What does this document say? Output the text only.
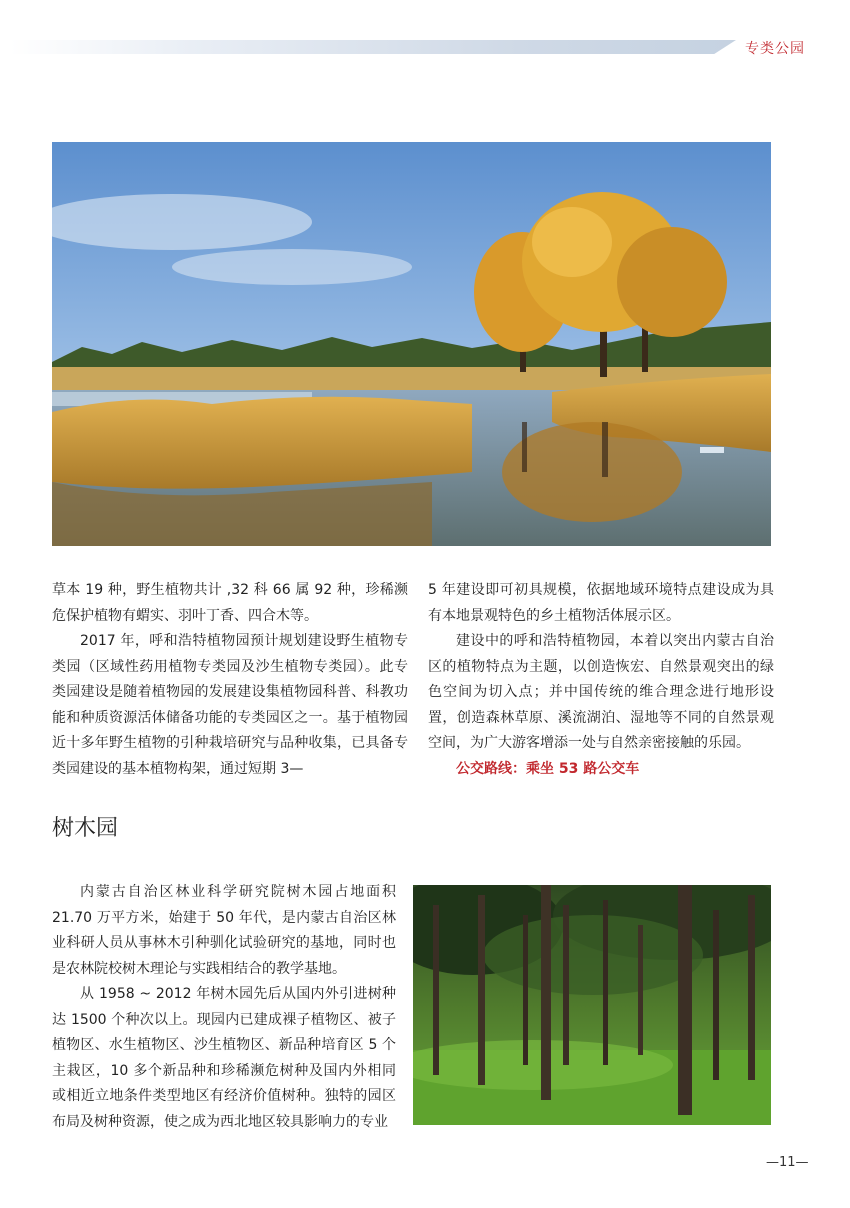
专类公园

草本 19 种，野生植物共计 ,32 科 66 属 92 种，珍稀濒危保护植物有蝟实、羽叶丁香、四合木等。

2017 年，呼和浩特植物园预计规划建设野生植物专类园（区域性药用植物专类园及沙生植物专类园）。此专类园建设是随着植物园的发展建设集植物园科普、科教功能和种质资源活体储备功能的专类园区之一。基于植物园近十多年野生植物的引种栽培研究与品种收集，已具备专类园建设的基本植物构架，通过短期 3—

5 年建设即可初具规模，依据地域环境特点建设成为具有本地景观特色的乡土植物活体展示区。

建设中的呼和浩特植物园，本着以突出内蒙古自治区的植物特点为主题，以创造恢宏、自然景观突出的绿色空间为切入点；并中国传统的维合理念进行地形设置，创造森林草原、溪流湖泊、湿地等不同的自然景观空间，为广大游客增添一处与自然亲密接触的乐园。

公交路线：乘坐 53 路公交车

树木园

内蒙古自治区林业科学研究院树木园占地面积 21.70 万平方米，始建于 50 年代，是内蒙古自治区林业科研人员从事林木引种驯化试验研究的基地，同时也是农林院校树木理论与实践相结合的教学基地。

从 1958 ~ 2012 年树木园先后从国内外引进树种达 1500 个种次以上。现园内已建成裸子植物区、被子植物区、水生植物区、沙生植物区、新品种培育区 5 个主栽区，10 多个新品种和珍稀濒危树种及国内外相同或相近立地条件类型地区有经济价值树种。独特的园区布局及树种资源，使之成为西北地区较具影响力的专业

—11—
